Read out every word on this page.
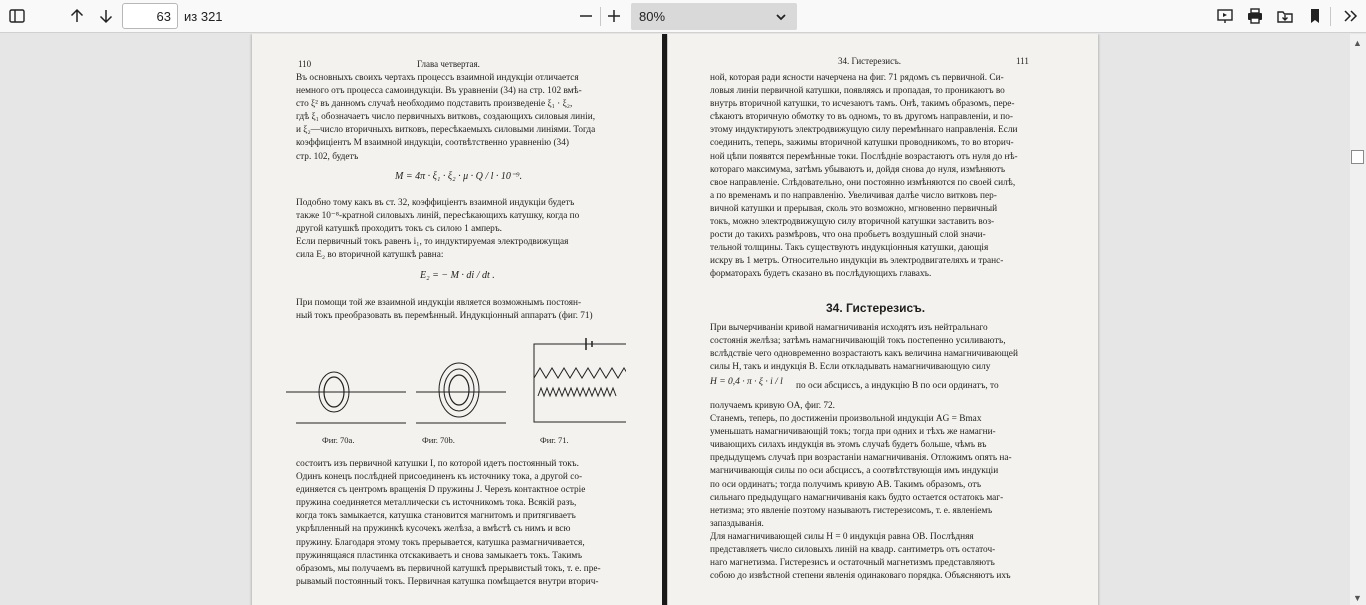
63
из 321	80%
110	Глава четвертая.
Въ основныхъ своихъ чертахъ процессъ взаимной индукціи отличается
немного отъ процесса самоиндукціи. Въ уравненіи (34) на стр. 102 вмѣ-
сто ξ² въ данномъ случаѣ необходимо подставить произведеніе ξ₁ · ξ₂,
гдѣ ξ₁ обозначаетъ число первичныхъ витковъ, создающихъ силовыя линіи,
и ξ₂—число вторичныхъ витковъ, пересѣкаемыхъ силовыми линіями. Тогда
коэффиціентъ M взаимной индукціи, соотвѣтственно уравненію (34)
стр. 102, будетъ
M = 4π · ξ₁ · ξ₂ · μ · Q / l · 10⁻⁹.
Подобно тому какъ въ ст. 32, коэффиціентъ взаимной индукціи будетъ
также 10⁻⁸-кратной силовыхъ линій, пересѣкающихъ катушку, когда по
другой катушкѣ проходитъ токъ съ силою 1 амперъ.
Если первичный токъ равенъ i₁, то индуктируемая электродвижущая
сила E₂ во вторичной катушкѣ равна:
E₂ = − M · di / dt .
При помощи той же взаимной индукціи является возможнымъ постоян-
ный токъ преобразовать въ перемѣнный. Индукціонный аппаратъ (фиг. 71)
Фиг. 70a.	Фиг. 70b.	Фиг. 71.
состоитъ изъ первичной катушки I, по которой идетъ постоянный токъ.
Одинъ конецъ послѣдней присоединенъ къ источнику тока, а другой со-
единяется съ центромъ вращенія D пружины J. Черезъ контактное острiе
пружина соединяется металлически съ источникомъ тока. Всякій разъ,
когда токъ замыкается, катушка становится магнитомъ и притягиваетъ
укрѣпленный на пружинкѣ кусочекъ желѣза, а вмѣстѣ съ нимъ и всю
пружину. Благодаря этому токъ прерывается, катушка размагничивается,
пружинящаяся пластинка отскакиваетъ и снова замыкаетъ токъ. Такимъ
образомъ, мы получаемъ въ первичной катушкѣ прерывистый токъ, т. е. пре-
рывамый постоянный токъ. Первичная катушка помѣщается внутри вторич-
34. Гистерезисъ.	111
ной, которая ради ясности начерчена на фиг. 71 рядомъ съ первичной. Си-
ловыя линіи первичной катушки, появляясь и пропадая, то проникаютъ во
внутрь вторичной катушки, то исчезаютъ тамъ. Онѣ, такимъ образомъ, пере-
сѣкаютъ вторичную обмотку то въ одномъ, то въ другомъ направленіи, и по-
этому индуктируютъ электродвижущую силу перемѣннаго направленія. Если
соединить, теперь, зажимы вторичной катушки проводникомъ, то во вторич-
ной цѣпи появятся перемѣнные токи. Послѣдніе возрастаютъ отъ нуля до нѣ-
котораго максимума, затѣмъ убываютъ и, дойдя снова до нуля, измѣняютъ
свое направленіе. Слѣдовательно, они постоянно измѣняются по своей силѣ,
а по временамъ и по направленію. Увеличивая далѣе число витковъ пер-
вичной катушки и прерывая, сколь это возможно, мгновенно первичный
токъ, можно электродвижущую силу вторичной катушки заставить воз-
рости до такихъ размѣровъ, что она пробьетъ воздушный слой значи-
тельной толщины. Такъ существуютъ индукціонныя катушки, дающія
искру въ 1 метръ. Относительно индукціи въ электродвигателяхъ и транс-
форматорахъ будетъ сказано въ послѣдующихъ главахъ.
34. Гистерезисъ.
При вычерчиваніи кривой намагничиванія исходятъ изъ нейтральнаго
состоянія желѣза; затѣмъ намагничивающій токъ постепенно усиливаютъ,
вслѣдствіе чего одновременно возрастаютъ какъ величина намагничивающей
силы H, такъ и индукція B. Если откладывать намагничивающую силу
H = 0,4 · π · ξ · i / l по оси абсциссъ, а индукцію B по оси ординатъ, то
получаемъ кривую OA, фиг. 72.
Станемъ, теперь, по достиженіи произвольной индукціи AG = Bmax
уменьшать намагничивающій токъ; тогда при одних и тѣхъ же намагни-
чивающихъ силахъ индукція въ этомъ случаѣ будетъ больше, чѣмъ въ
предыдущемъ случаѣ при возрастаніи намагничиванія. Отложимъ опять на-
магничивающія силы по оси абсциссъ, а соотвѣтствующія имъ индукціи
по оси ординатъ; тогда получимъ кривую AB. Такимъ образомъ, отъ
сильнаго предыдущаго намагничиванія какъ будто остается остатокъ маг-
нетизма; это явленіе поэтому называютъ гистерезисомъ, т. е. явленіемъ
запаздыванія.
Для намагничивающей силы H = 0 индукція равна OB. Послѣдняя
представляетъ число силовыхъ линій на квадр. сантиметръ отъ остаточ-
наго магнетизма. Гистерезисъ и остаточный магнетизмъ представляютъ
собою до извѣстной степени явленія одинаковаго порядка. Объясняютъ ихъ
▲
▼
